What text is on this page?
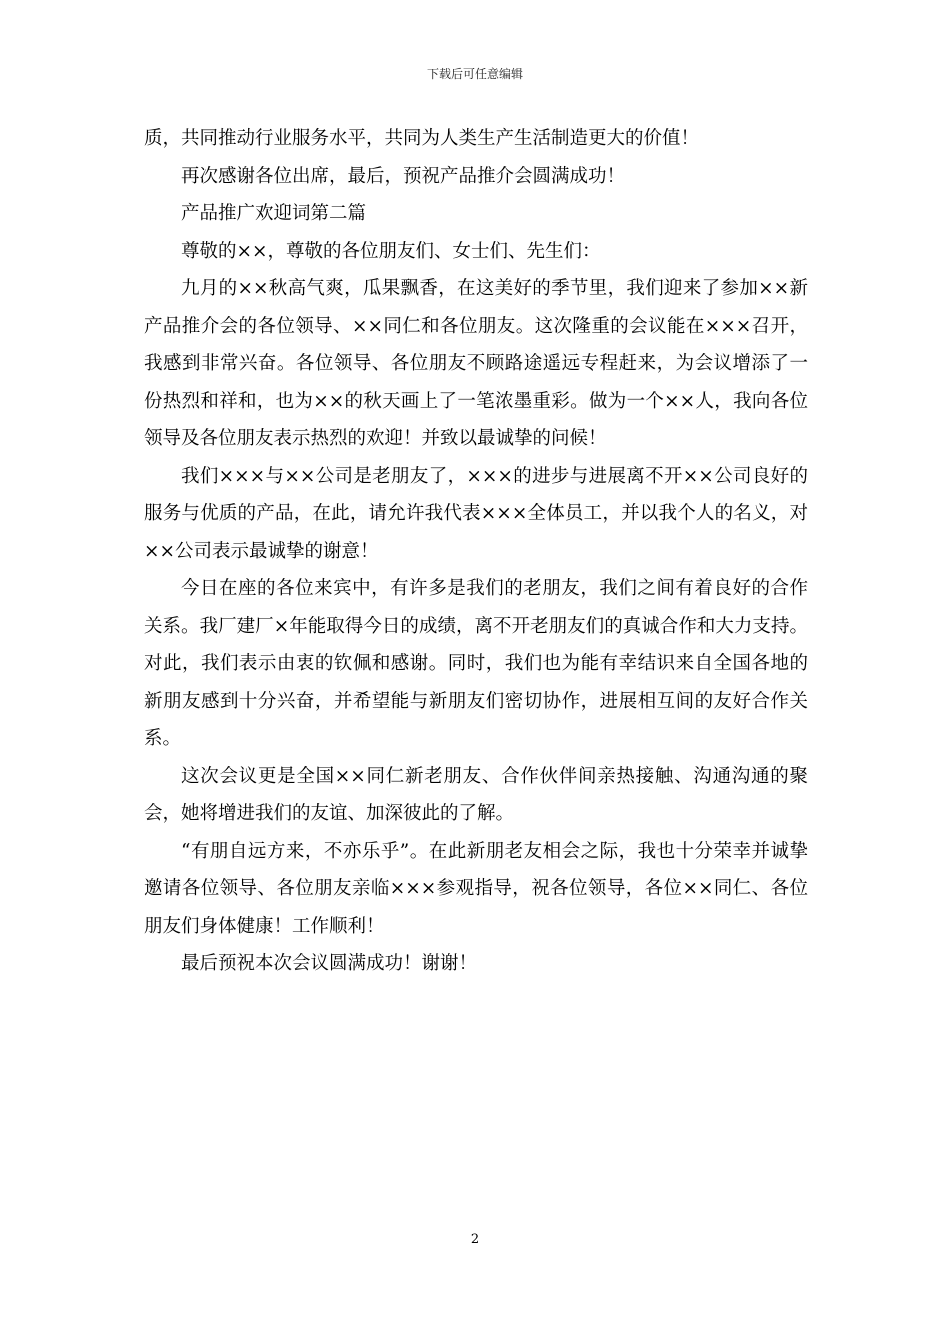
下载后可任意编辑

质，共同推动行业服务水平，共同为人类生产生活制造更大的价值！

再次感谢各位出席，最后，预祝产品推介会圆满成功！

产品推广欢迎词第二篇

尊敬的××，尊敬的各位朋友们、女士们、先生们：

九月的××秋高气爽，瓜果飘香，在这美好的季节里，我们迎来了参加××新产品推介会的各位领导、××同仁和各位朋友。这次隆重的会议能在×××召开，我感到非常兴奋。各位领导、各位朋友不顾路途遥远专程赶来，为会议增添了一份热烈和祥和，也为××的秋天画上了一笔浓墨重彩。做为一个××人，我向各位领导及各位朋友表示热烈的欢迎！并致以最诚挚的问候！

我们×××与××公司是老朋友了，×××的进步与进展离不开××公司良好的服务与优质的产品，在此，请允许我代表×××全体员工，并以我个人的名义，对××公司表示最诚挚的谢意！

今日在座的各位来宾中，有许多是我们的老朋友，我们之间有着良好的合作关系。我厂建厂×年能取得今日的成绩，离不开老朋友们的真诚合作和大力支持。对此，我们表示由衷的钦佩和感谢。同时，我们也为能有幸结识来自全国各地的新朋友感到十分兴奋，并希望能与新朋友们密切协作，进展相互间的友好合作关系。

这次会议更是全国××同仁新老朋友、合作伙伴间亲热接触、沟通沟通的聚会，她将增进我们的友谊、加深彼此的了解。

“有朋自远方来，不亦乐乎”。在此新朋老友相会之际，我也十分荣幸并诚挚邀请各位领导、各位朋友亲临×××参观指导，祝各位领导，各位××同仁、各位朋友们身体健康！工作顺利！

最后预祝本次会议圆满成功！谢谢！

2
